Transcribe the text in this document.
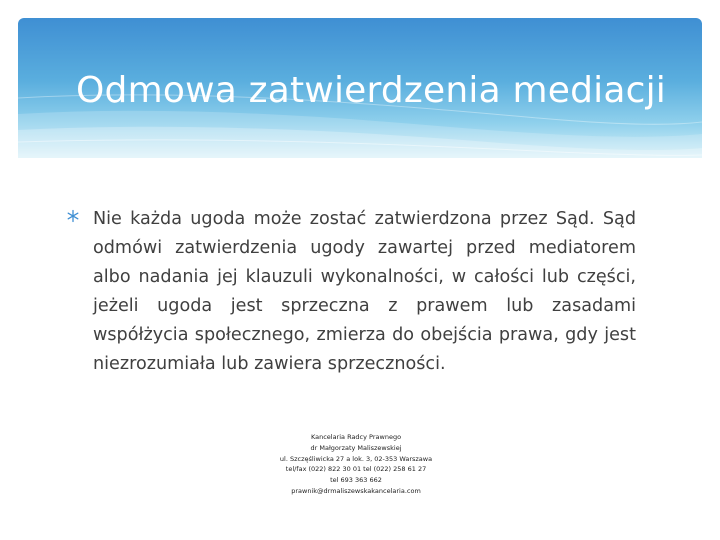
Odmowa zatwierdzenia mediacji

Nie każda ugoda może zostać zatwierdzona przez Sąd. Sąd odmówi zatwierdzenia ugody zawartej przed mediatorem albo nadania jej klauzuli wykonalności, w całości lub części, jeżeli ugoda jest sprzeczna z prawem lub zasadami współżycia społecznego, zmierza do obejścia prawa, gdy jest niezrozumiała lub zawiera sprzeczności.

Kancelaria Radcy Prawnego
dr Małgorzaty Maliszewskiej
ul. Szczęśliwicka 27 a lok. 3, 02-353 Warszawa
tel/fax (022) 822 30 01 tel (022) 258 61 27
tel 693 363 662
prawnik@drmaliszewskakancelaria.com
